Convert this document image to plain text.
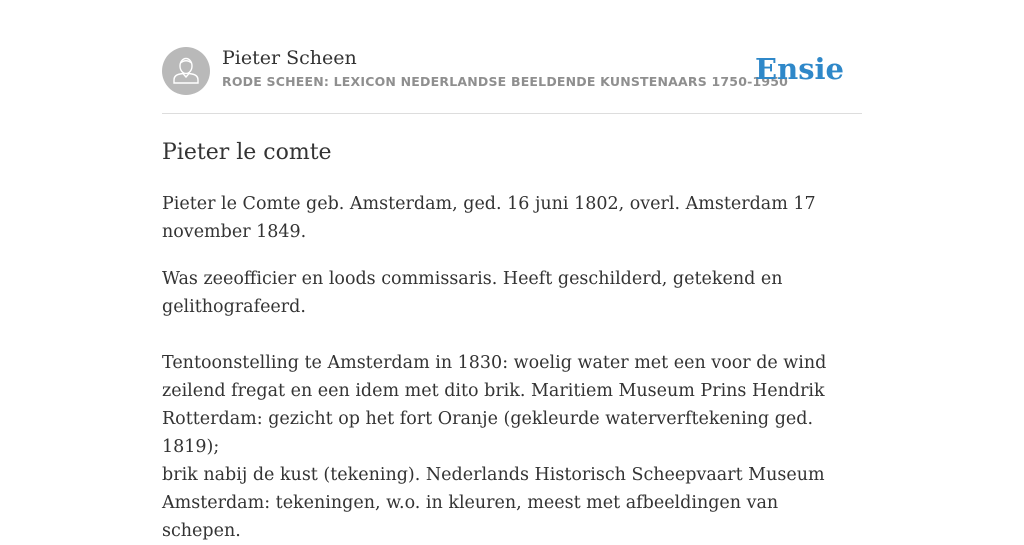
Pieter Scheen
RODE SCHEEN: LEXICON NEDERLANDSE BEELDENDE KUNSTENAARS 1750-1950
Ensie
Pieter le comte

Pieter le Comte geb. Amsterdam, ged. 16 juni 1802, overl. Amsterdam 17
november 1849.

Was zeeofficier en loods commissaris. Heeft geschilderd, getekend en
gelithografeerd.

Tentoonstelling te Amsterdam in 1830: woelig water met een voor de wind
zeilend fregat en een idem met dito brik. Maritiem Museum Prins Hendrik
Rotterdam: gezicht op het fort Oranje (gekleurde waterverftekening ged. 1819);
brik nabij de kust (tekening). Nederlands Historisch Scheepvaart Museum
Amsterdam: tekeningen, w.o. in kleuren, meest met afbeeldingen van schepen.
